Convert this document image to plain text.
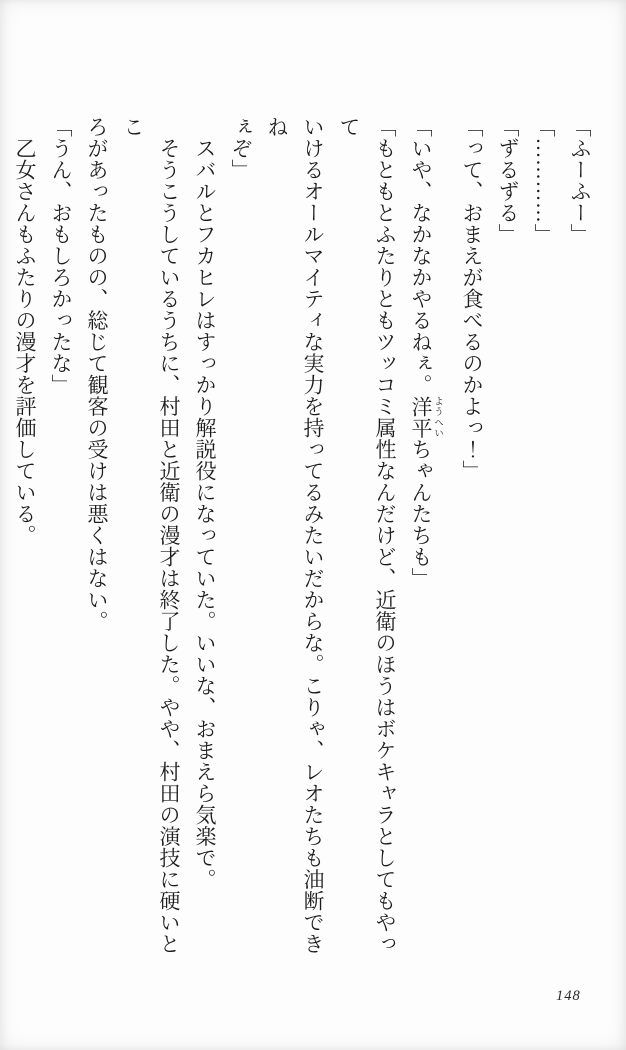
「ふーふー」

「…………」

「ずるずる」

「って、おまえが食べるのかよっ！」

「いや、なかなかやるねぇ。洋平 ようへいちゃんたちも」

「もともとふたりともツッコミ属性なんだけど、近衛のほうはボケキャラとしてもやって

いけるオールマイティな実力を持ってるみたいだからな。こりゃ、レオたちも油断できね

ぇぞ」

　スバルとフカヒレはすっかり解説役になっていた。いいな、おまえら気楽で。

　そうこうしているうちに、村田と近衛の漫才は終了した。やや、村田の演技に硬いとこ

ろがあったものの、総じて観客の受けは悪くはない。

「うん、おもしろかったな」

　乙女さんもふたりの漫才を評価している。

148
